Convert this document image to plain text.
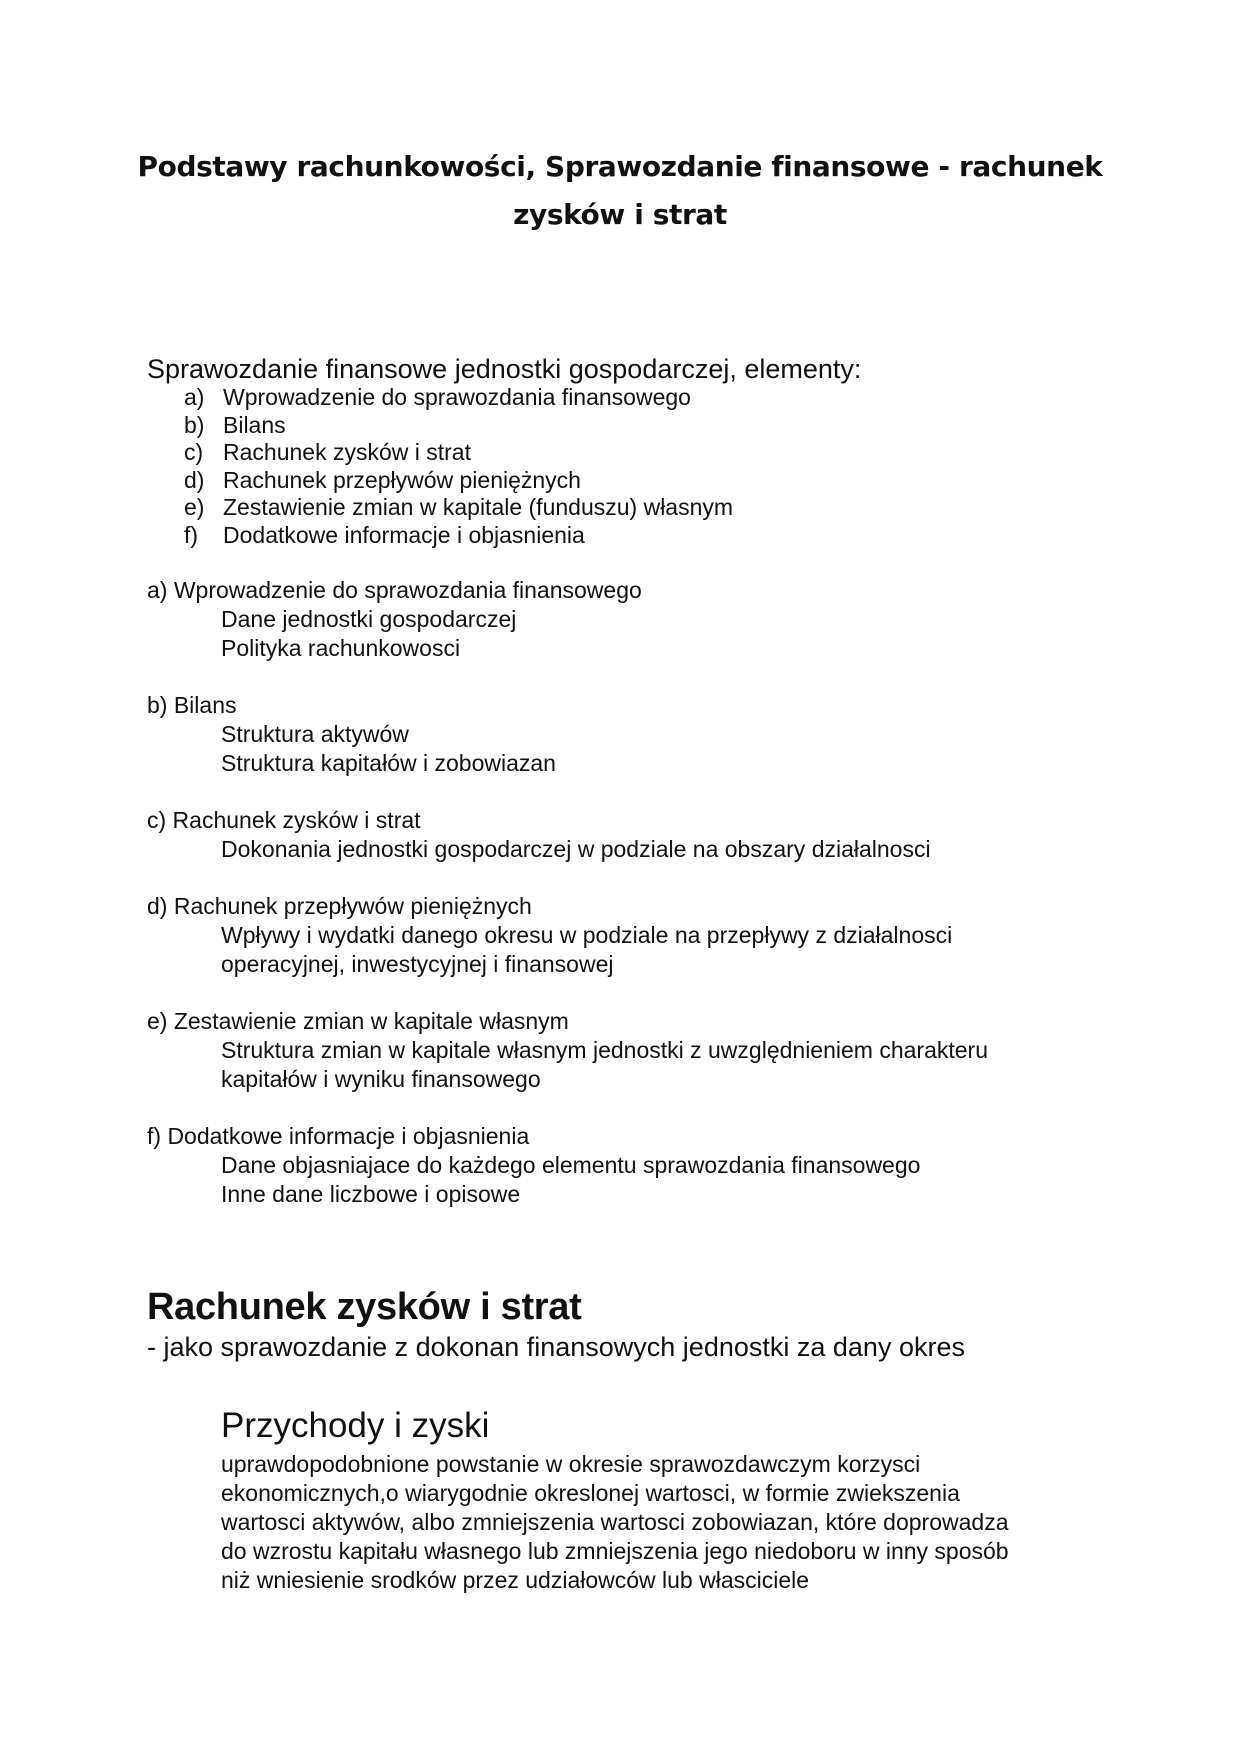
Podstawy rachunkowości, Sprawozdanie finansowe - rachunek
zysków i strat
Sprawozdanie finansowe jednostki gospodarczej, elementy:
a) Wprowadzenie do sprawozdania finansowego
b) Bilans
c) Rachunek zysków i strat
d) Rachunek przepływów pieniężnych
e) Zestawienie zmian w kapitale (funduszu) własnym
f) Dodatkowe informacje i objasnienia
a) Wprowadzenie do sprawozdania finansowego
Dane jednostki gospodarczej
Polityka rachunkowosci
b) Bilans
Struktura aktywów
Struktura kapitałów i zobowiazan
c) Rachunek zysków i strat
Dokonania jednostki gospodarczej w podziale na obszary działalnosci
d) Rachunek przepływów pieniężnych
Wpływy i wydatki danego okresu w podziale na przepływy z działalnosci
operacyjnej, inwestycyjnej i finansowej
e) Zestawienie zmian w kapitale własnym
Struktura zmian w kapitale własnym jednostki z uwzględnieniem charakteru
kapitałów i wyniku finansowego
f) Dodatkowe informacje i objasnienia
Dane objasniajace do każdego elementu sprawozdania finansowego
Inne dane liczbowe i opisowe
Rachunek zysków i strat
- jako sprawozdanie z dokonan finansowych jednostki za dany okres
Przychody i zyski
uprawdopodobnione powstanie w okresie sprawozdawczym korzysci
ekonomicznych,o wiarygodnie okreslonej wartosci, w formie zwiekszenia
wartosci aktywów, albo zmniejszenia wartosci zobowiazan, które doprowadza
do wzrostu kapitału własnego lub zmniejszenia jego niedoboru w inny sposób
niż wniesienie srodków przez udziałowców lub własciciele
